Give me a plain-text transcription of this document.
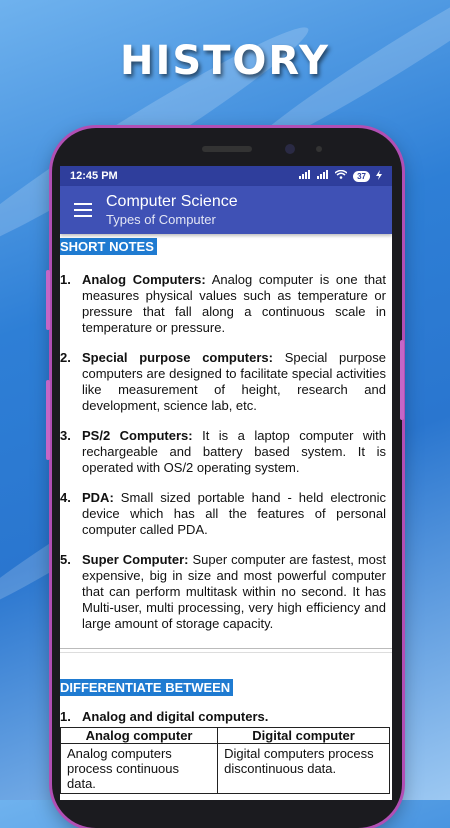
HISTORY
12:45 PM	37
Computer Science
Types of Computer
SHORT NOTES
1. Analog Computers: Analog computer is one that measures physical values such as temperature or pressure that fall along a continuous scale in temperature or pressure.
2. Special purpose computers: Special purpose computers are designed to facilitate special activities like measurement of height, research and development, science lab, etc.
3. PS/2 Computers: It is a laptop computer with rechargeable and battery based system. It is operated with OS/2 operating system.
4. PDA: Small sized portable hand - held electronic device which has all the features of personal computer called PDA.
5. Super Computer: Super computer are fastest, most expensive, big in size and most powerful computer that can perform multitask within no second. It has Multi-user, multi processing, very high efficiency and large amount of storage capacity.
DIFFERENTIATE BETWEEN
1. Analog and digital computers.
Analog computer	Digital computer
Analog computers process continuous data.	Digital computers process discontinuous data.
